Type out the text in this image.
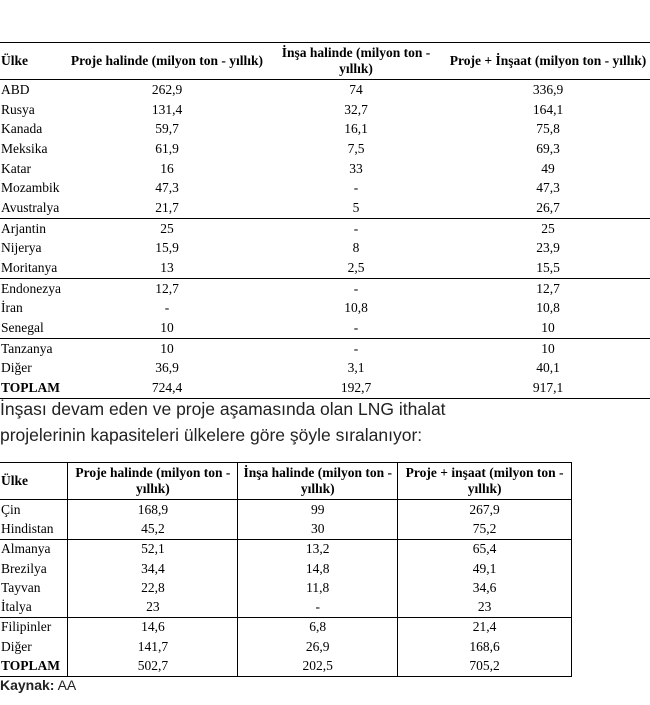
Ülke	Proje halinde (milyon ton - yıllık)	İnşa halinde (milyon ton - yıllık)	Proje + İnşaat (milyon ton - yıllık)
ABD	262,9	74	336,9
Rusya	131,4	32,7	164,1
Kanada	59,7	16,1	75,8
Meksika	61,9	7,5	69,3
Katar	16	33	49
Mozambik	47,3	-	47,3
Avustralya	21,7	5	26,7
Arjantin	25	-	25
Nijerya	15,9	8	23,9
Moritanya	13	2,5	15,5
Endonezya	12,7	-	12,7
İran	-	10,8	10,8
Senegal	10	-	10
Tanzanya	10	-	10
Diğer	36,9	3,1	40,1
TOPLAM	724,4	192,7	917,1
İnşası devam eden ve proje aşamasında olan LNG ithalat
projelerinin kapasiteleri ülkelere göre şöyle sıralanıyor:
Ülke	Proje halinde (milyon ton - yıllık)	İnşa halinde (milyon ton - yıllık)	Proje + inşaat (milyon ton - yıllık)
Çin	168,9	99	267,9
Hindistan	45,2	30	75,2
Almanya	52,1	13,2	65,4
Brezilya	34,4	14,8	49,1
Tayvan	22,8	11,8	34,6
İtalya	23	-	23
Filipinler	14,6	6,8	21,4
Diğer	141,7	26,9	168,6
TOPLAM	502,7	202,5	705,2
Kaynak: AA
